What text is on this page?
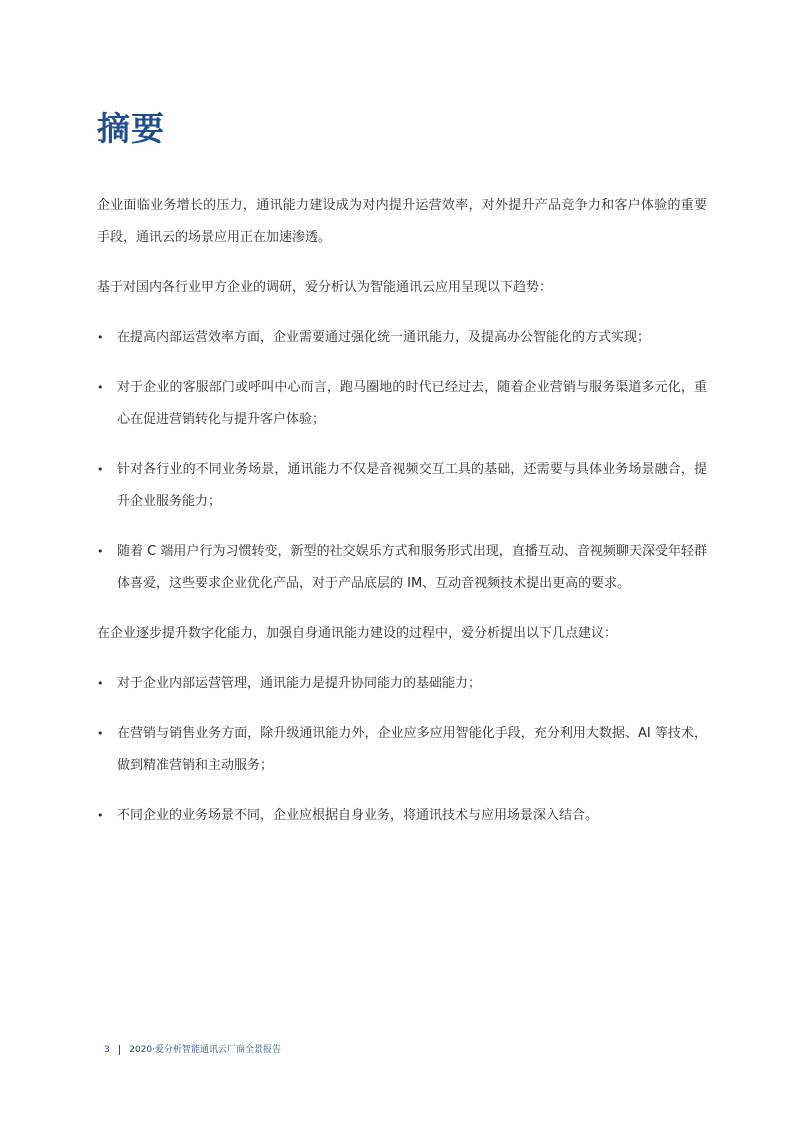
摘要

企业面临业务增长的压力，通讯能力建设成为对内提升运营效率，对外提升产品竞争力和客户体验的重要手段，通讯云的场景应用正在加速渗透。

基于对国内各行业甲方企业的调研，爱分析认为智能通讯云应用呈现以下趋势：

• 在提高内部运营效率方面，企业需要通过强化统一通讯能力，及提高办公智能化的方式实现；
• 对于企业的客服部门或呼叫中心而言，跑马圈地的时代已经过去，随着企业营销与服务渠道多元化，重心在促进营销转化与提升客户体验；
• 针对各行业的不同业务场景，通讯能力不仅是音视频交互工具的基础，还需要与具体业务场景融合，提升企业服务能力；
• 随着 C 端用户行为习惯转变，新型的社交娱乐方式和服务形式出现，直播互动、音视频聊天深受年轻群体喜爱，这些要求企业优化产品，对于产品底层的 IM、互动音视频技术提出更高的要求。

在企业逐步提升数字化能力，加强自身通讯能力建设的过程中，爱分析提出以下几点建议：

• 对于企业内部运营管理，通讯能力是提升协同能力的基础能力；
• 在营销与销售业务方面，除升级通讯能力外，企业应多应用智能化手段，充分利用大数据、AI 等技术，做到精准营销和主动服务；
• 不同企业的业务场景不同，企业应根据自身业务，将通讯技术与应用场景深入结合。
3 2020·爱分析智能通讯云厂商全景报告
